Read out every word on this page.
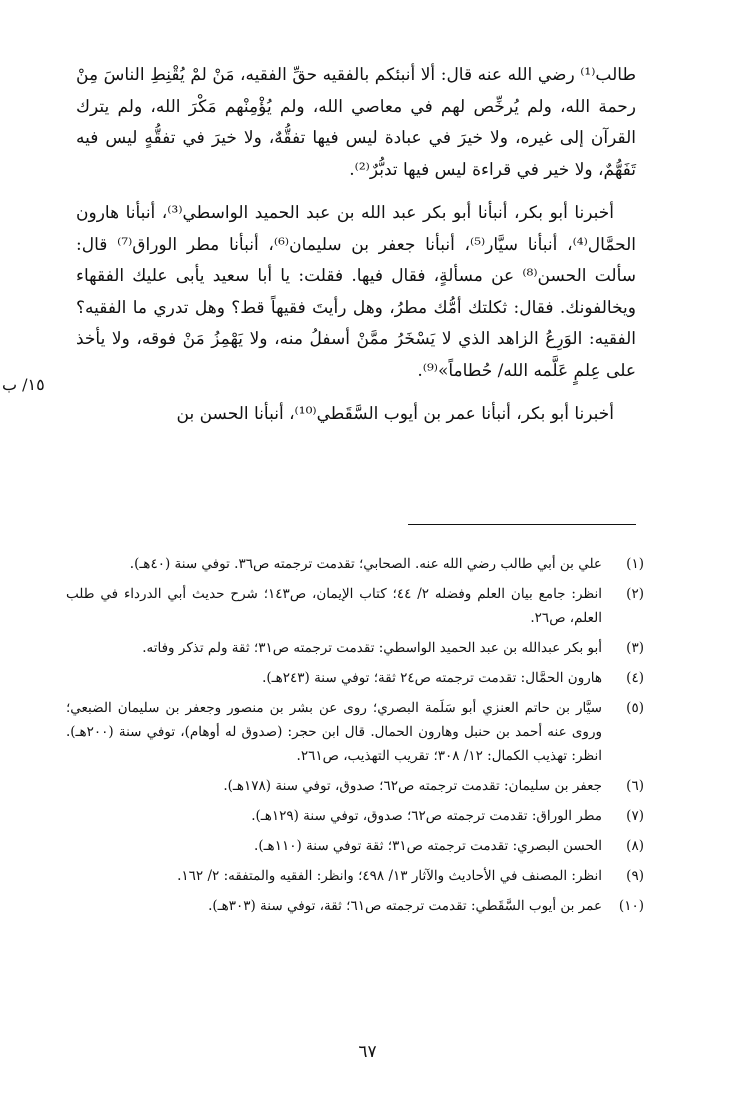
طالب⁽¹⁾ رضي الله عنه قال: ألا أنبئكم بالفقيه حقِّ الفقيه، مَنْ لمْ يُقْنِطِ الناسَ مِنْ رحمة الله، ولم يُرخِّص لهم في معاصي الله، ولم يُؤْمِنْهم مَكْرَ الله، ولم يترك القرآن إلى غيره، ولا خيرَ في عبادة ليس فيها تفقُّهٌ، ولا خيرَ في تفقُّهٍ ليس فيه تَفَهُّمٌ، ولا خير في قراءة ليس فيها تدبُّرٌ⁽²⁾.

أخبرنا أبو بكر، أنبأنا أبو بكر عبد الله بن عبد الحميد الواسطي⁽³⁾، أنبأنا هارون الحمَّال⁽⁴⁾، أنبأنا سيَّار⁽⁵⁾، أنبأنا جعفر بن سليمان⁽⁶⁾، أنبأنا مطر الوراق⁽⁷⁾ قال: سألت الحسن⁽⁸⁾ عن مسألةٍ، فقال فيها. فقلت: يا أبا سعيد يأبى عليك الفقهاء ويخالفونك. فقال: ثكلتك أمُّك مطرُ، وهل رأيتَ فقيهاً قط؟ وهل تدري ما الفقيه؟ الفقيه: الوَرِعُ الزاهد الذي لا يَسْخَرُ ممَّنْ أسفلُ منه، ولا يَهْمِزُ مَنْ فوقه، ولا يأخذ على عِلمٍ عَلَّمه الله/ حُطاماً»⁽⁹⁾.

أخبرنا أبو بكر، أنبأنا عمر بن أيوب السَّقَطي⁽¹⁰⁾، أنبأنا الحسن بن

١٥/ ب
(١)
علي بن أبي طالب رضي الله عنه. الصحابي؛ تقدمت ترجمته ص٣٦. توفي سنة (٤٠هـ).
(٢)
انظر: جامع بيان العلم وفضله ٢/ ٤٤؛ كتاب الإيمان، ص١٤٣؛ شرح حديث أبي الدرداء في طلب العلم، ص٢٦.
(٣)
أبو بكر عبدالله بن عبد الحميد الواسطي: تقدمت ترجمته ص٣١؛ ثقة ولم تذكر وفاته.
(٤)
هارون الحمَّال: تقدمت ترجمته ص٢٤ ثقة؛ توفي سنة (٢٤٣هـ).
(٥)
سيَّار بن حاتم العنزي أبو سَلَمة البصري؛ روى عن بشر بن منصور وجعفر بن سليمان الضبعي؛ وروى عنه أحمد بن حنبل وهارون الحمال. قال ابن حجر: (صدوق له أوهام)، توفي سنة (٢٠٠هـ). انظر: تهذيب الكمال: ١٢/ ٣٠٨؛ تقريب التهذيب، ص٢٦١.
(٦)
جعفر بن سليمان: تقدمت ترجمته ص٦٢؛ صدوق، توفي سنة (١٧٨هـ).
(٧)
مطر الوراق: تقدمت ترجمته ص٦٢؛ صدوق، توفي سنة (١٢٩هـ).
(٨)
الحسن البصري: تقدمت ترجمته ص٣١؛ ثقة توفي سنة (١١٠هـ).
(٩)
انظر: المصنف في الأحاديث والآثار ١٣/ ٤٩٨؛ وانظر: الفقيه والمتفقه: ٢/ ١٦٢.
(١٠)
عمر بن أيوب السَّقَطي: تقدمت ترجمته ص٦١؛ ثقة، توفي سنة (٣٠٣هـ).
٦٧
